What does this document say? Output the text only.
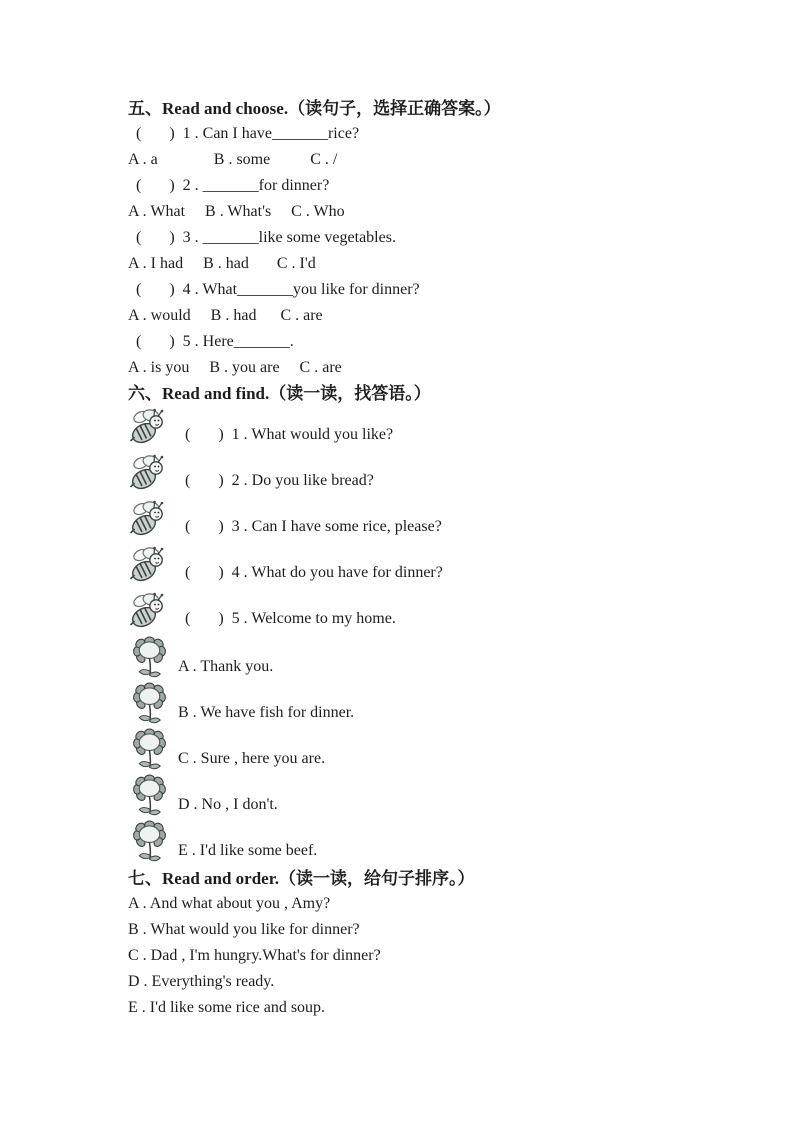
五、Read and choose.（读句子，选择正确答案。）
(       )  1 . Can I have_______rice?
A . a              B . some          C . /
(       )  2 . _______for dinner?
A . What     B . What's     C . Who
(       )  3 . _______like some vegetables.
A . I had     B . had       C . I'd
(       )  4 . What_______you like for dinner?
A . would     B . had      C . are
(       )  5 . Here_______.
A . is you     B . you are     C . are
六、Read and find.（读一读，找答语。）
(       )  1 . What would you like?
(       )  2 . Do you like bread?
(       )  3 . Can I have some rice, please?
(       )  4 . What do you have for dinner?
(       )  5 . Welcome to my home.
A . Thank you.
B . We have fish for dinner.
C . Sure , here you are.
D . No , I don't.
E . I'd like some beef.
七、Read and order.（读一读，给句子排序。）
A . And what about you , Amy?
B . What would you like for dinner?
C . Dad , I'm hungry.What's for dinner?
D . Everything's ready.
E . I'd like some rice and soup.
